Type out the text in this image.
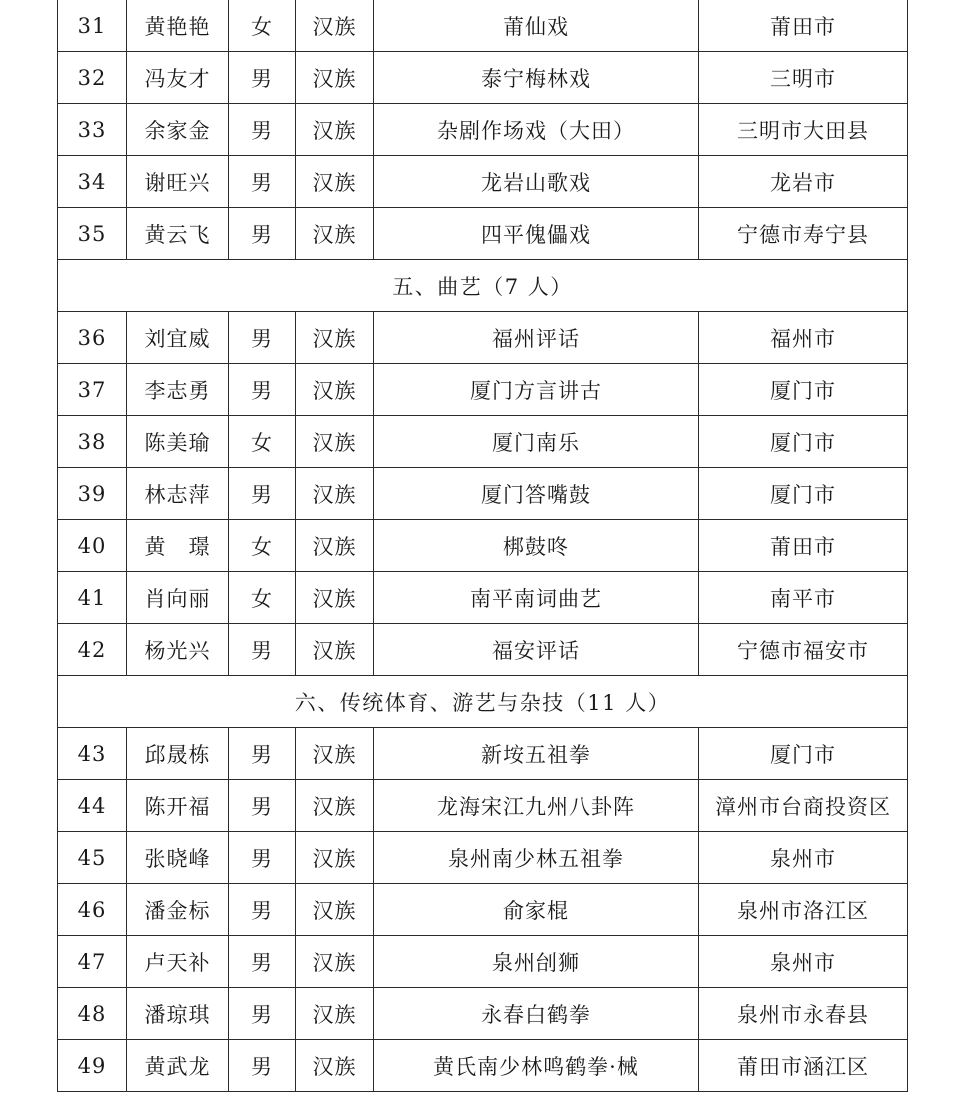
31	黄艳艳	女	汉族	莆仙戏	莆田市
32	冯友才	男	汉族	泰宁梅林戏	三明市
33	余家金	男	汉族	杂剧作场戏（大田）	三明市大田县
34	谢旺兴	男	汉族	龙岩山歌戏	龙岩市
35	黄云飞	男	汉族	四平傀儡戏	宁德市寿宁县
五、曲艺（7 人）					
36	刘宜威	男	汉族	福州评话	福州市
37	李志勇	男	汉族	厦门方言讲古	厦门市
38	陈美瑜	女	汉族	厦门南乐	厦门市
39	林志萍	男	汉族	厦门答嘴鼓	厦门市
40	黄　璟	女	汉族	梆鼓咚	莆田市
41	肖向丽	女	汉族	南平南词曲艺	南平市
42	杨光兴	男	汉族	福安评话	宁德市福安市
六、传统体育、游艺与杂技（11 人）					
43	邱晟栋	男	汉族	新垵五祖拳	厦门市
44	陈开福	男	汉族	龙海宋江九州八卦阵	漳州市台商投资区
45	张晓峰	男	汉族	泉州南少林五祖拳	泉州市
46	潘金标	男	汉族	俞家棍	泉州市洛江区
47	卢天补	男	汉族	泉州刣狮	泉州市
48	潘琼琪	男	汉族	永春白鹤拳	泉州市永春县
49	黄武龙	男	汉族	黄氏南少林鸣鹤拳·械	莆田市涵江区
